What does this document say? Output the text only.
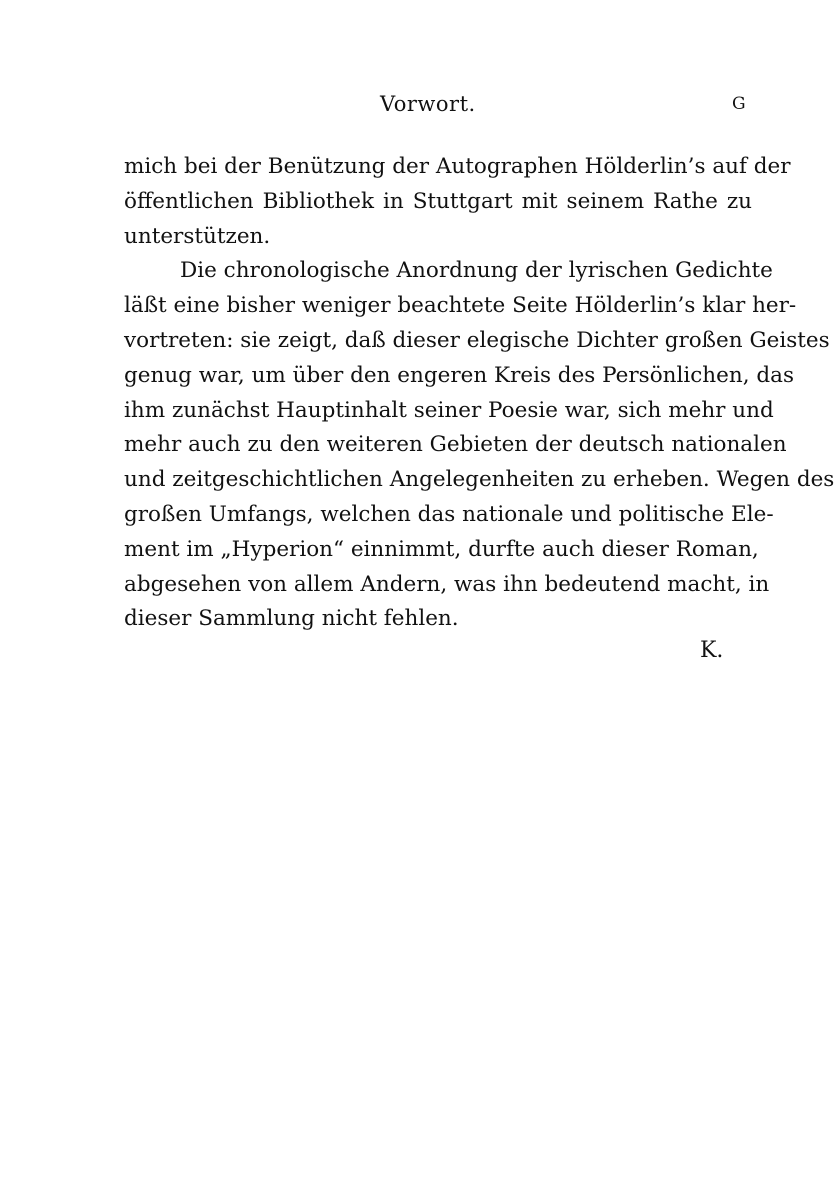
Vorwort.	G
mich bei der Benützung der Autographen Hölderlin’s auf der
öffentlichen Bibliothek in Stuttgart mit seinem Rathe zu
unterstützen.
Die chronologische Anordnung der lyrischen Gedichte
läßt eine bisher weniger beachtete Seite Hölderlin’s klar her-
vortreten: sie zeigt, daß dieser elegische Dichter großen Geistes
genug war, um über den engeren Kreis des Persönlichen, das
ihm zunächst Hauptinhalt seiner Poesie war, sich mehr und
mehr auch zu den weiteren Gebieten der deutsch nationalen
und zeitgeschichtlichen Angelegenheiten zu erheben. Wegen des
großen Umfangs, welchen das nationale und politische Ele-
ment im „Hyperion“ einnimmt, durfte auch dieser Roman,
abgesehen von allem Andern, was ihn bedeutend macht, in
dieser Sammlung nicht fehlen.
K.
